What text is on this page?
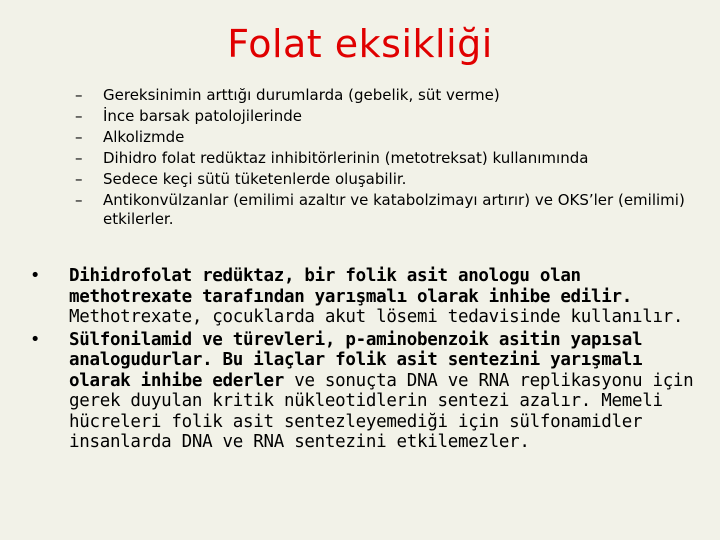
Folat eksikliği
– Gereksinimin arttığı durumlarda (gebelik, süt verme)
– İnce barsak patolojilerinde
– Alkolizmde
– Dihidro folat redüktaz inhibitörlerinin (metotreksat) kullanımında
– Sedece keçi sütü tüketenlerde oluşabilir.
– Antikonvülzanlar (emilimi azaltır ve katabolzimayı artırır) ve OKS’ler (emilimi) etkilerler.
• Dihidrofolat redüktaz, bir folik asit anologu olan methotrexate tarafından yarışmalı olarak inhibe edilir. Methotrexate, çocuklarda akut lösemi tedavisinde kullanılır.
• Sülfonilamid ve türevleri, p-aminobenzoik asitin yapısal analogudurlar. Bu ilaçlar folik asit sentezini yarışmalı olarak inhibe ederler ve sonuçta DNA ve RNA replikasyonu için gerek duyulan kritik nükleotidlerin sentezi azalır. Memeli hücreleri folik asit sentezleyemediği için sülfonamidler insanlarda DNA ve RNA sentezini etkilemezler.
